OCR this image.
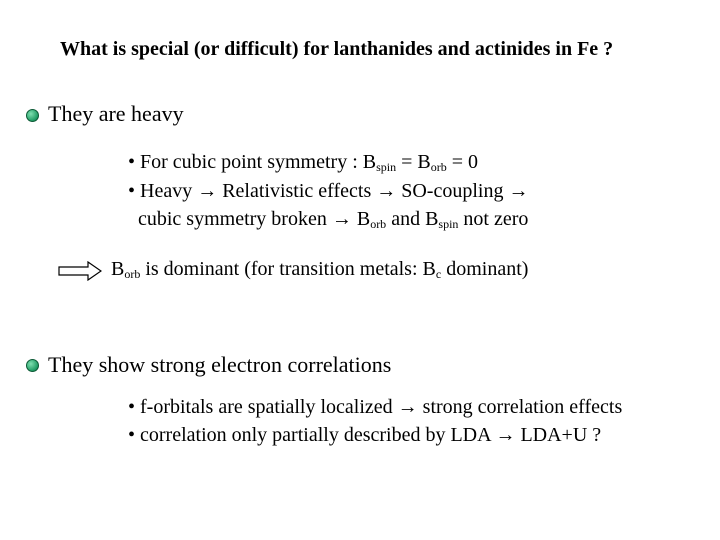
What is special (or difficult) for lanthanides and actinides in Fe ?
They are heavy
• For cubic point symmetry : $B_{spin} = B_{orb} = 0$
• Heavy → Relativistic effects → SO-coupling →
cubic symmetry broken → $B_{orb}$ and $B_{spin}$ not zero
$B_{orb}$ is dominant (for transition metals: $B_c$ dominant)
They show strong electron correlations
• f-orbitals are spatially localized → strong correlation effects
• correlation only partially described by LDA → LDA+U ?
